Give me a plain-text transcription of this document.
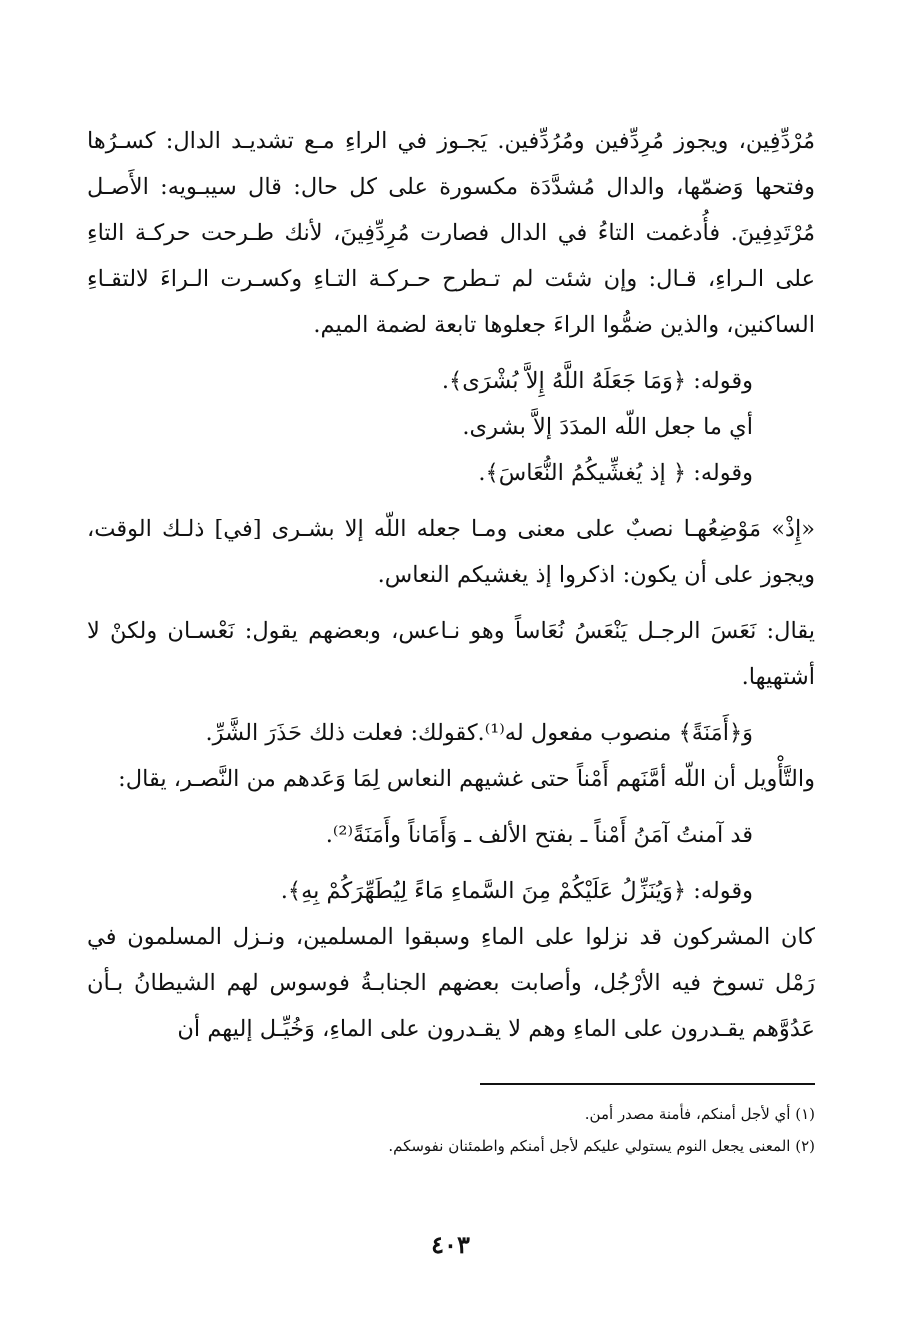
مُرْدِّفِين، ويجوز مُرِدِّفين ومُرُدِّفين. يَجـوز في الراءِ مـع تشديـد الدال: كسـرُها وفتحها وَضمّها، والدال مُشدَّدَة مكسورة على كل حال: قال سيبـويه: الأَصـل مُرْتَدِفِينَ. فأُدغمت التاءُ في الدال فصارت مُرِدِّفِينَ، لأنك طـرحت حركـة التاءِ على الـراءِ، قـال: وإن شئت لم تـطرح حـركـة التـاءِ وكسـرت الـراءَ لالتقـاءِ الساكنين، والذين ضمُّوا الراءَ جعلوها تابعة لضمة الميم.

وقوله: ﴿وَمَا جَعَلَهُ اللَّهُ إِلاَّ بُشْرَى﴾.

أي ما جعل اللّه المدَدَ إلاَّ بشرى.

وقوله: ﴿ إذ يُغشِّيكُمُ النُّعَاسَ﴾.

«إِذْ» مَوْضِعُهـا نصبٌ على معنى ومـا جعله اللّه إلا بشـرى [في] ذلـك الوقت، ويجوز على أن يكون: اذكروا إذ يغشيكم النعاس.

يقال: نَعَسَ الرجـل يَنْعَسُ نُعَاساً وهو نـاعس، وبعضهم يقول: نَعْسـان ولكنْ لا أشتهيها.

وَ﴿أَمَنَةً﴾ منصوب مفعول له⁽¹⁾.كقولك: فعلت ذلك حَذَرَ الشَّرِّ.

والتَّأْويل أن اللّه أمَّنَهم أَمْناً حتى غشيهم النعاس لِمَا وَعَدهم من النَّصـر، يقال:

قد آمنتُ آمَنُ أَمْناً ـ بفتح الألف ـ وَأَمَاناً وأَمَنَةً⁽²⁾.

وقوله: ﴿وَيُنَزِّلُ عَلَيْكُمْ مِنَ السَّماءِ مَاءً لِيُطَهِّرَكُمْ بِهِ﴾.

كان المشركون قد نزلوا على الماءِ وسبقوا المسلمين، ونـزل المسلمون في رَمْل تسوخ فيه الأرْجُل، وأصابت بعضهم الجنابـةُ فوسوس لهم الشيطانُ بـأن عَدُوَّهم يقـدرون على الماءِ وهم لا يقـدرون على الماءِ، وَخُيِّـل إليهم أن

(١) أي لأجل أمنكم، فأمنة مصدر أمن.

(٢) المعنى يجعل النوم يستولي عليكم لأجل أمنكم واطمئنان نفوسكم.

٤٠٣
